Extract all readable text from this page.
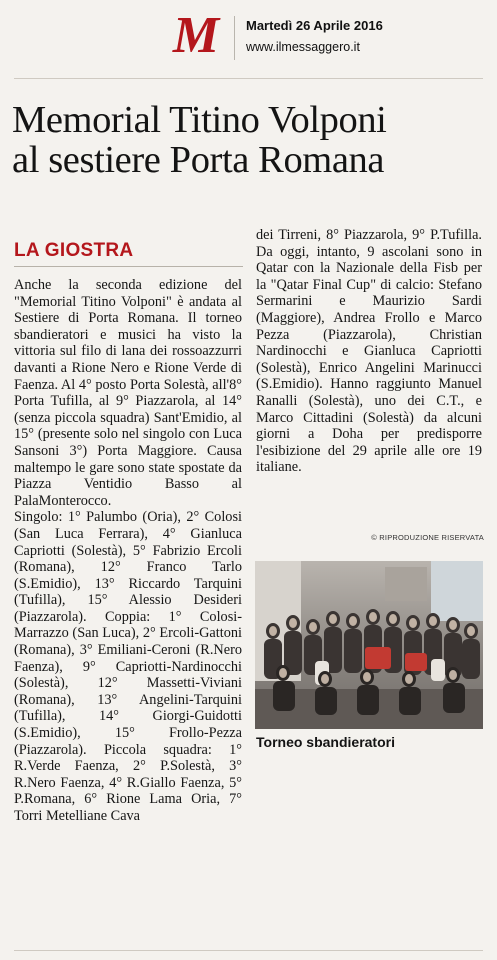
M	Martedì 26 Aprile 2016
www.ilmessaggero.it
Memorial Titino Volponi
al sestiere Porta Romana
LA GIOSTRA

Anche la seconda edizione del "Memorial Titino Volponi" è andata al Sestiere di Porta Romana. Il torneo sbandieratori e musici ha visto la vittoria sul filo di lana dei rossoazzurri davanti a Rione Nero e Rione Verde di Faenza. Al 4° posto Porta Solestà, all'8° Porta Tufilla, al 9° Piazzarola, al 14° (senza piccola squadra) Sant'Emidio, al 15° (presente solo nel singolo con Luca Sansoni 3°) Porta Maggiore. Causa maltempo le gare sono state spostate da Piazza Ventidio Basso al PalaMonterocco.

Singolo: 1° Palumbo (Oria), 2° Colosi (San Luca Ferrara), 4° Gianluca Capriotti (Solestà), 5° Fabrizio Ercoli (Romana), 12° Franco Tarlo (S.Emidio), 13° Riccardo Tarquini (Tufilla), 15° Alessio Desideri (Piazzarola). Coppia: 1° Colosi-Marrazzo (San Luca), 2° Ercoli-Gattoni (Romana), 3° Emiliani-Ceroni (R.Nero Faenza), 9° Capriotti-Nardinocchi (Solestà), 12° Massetti-Viviani (Romana), 13° Angelini-Tarquini (Tufilla), 14° Giorgi-Guidotti (S.Emidio), 15° Frollo-Pezza (Piazzarola). Piccola squadra: 1° R.Verde Faenza, 2° P.Solestà, 3° R.Nero Faenza, 4° R.Giallo Faenza, 5° P.Romana, 6° Rione Lama Oria, 7° Torri Metelliane Cava

dei Tirreni, 8° Piazzarola, 9° P.Tufilla. Da oggi, intanto, 9 ascolani sono in Qatar con la Nazionale della Fisb per la "Qatar Final Cup" di calcio: Stefano Sermarini e Maurizio Sardi (Maggiore), Andrea Frollo e Marco Pezza (Piazzarola), Christian Nardinocchi e Gianluca Capriotti (Solestà), Enrico Angelini Marinucci (S.Emidio). Hanno raggiunto Manuel Ranalli (Solestà), uno dei C.T., e Marco Cittadini (Solestà) da alcuni giorni a Doha per predisporre l'esibizione del 29 aprile alle ore 19 italiane.

© RIPRODUZIONE RISERVATA
Torneo sbandieratori
